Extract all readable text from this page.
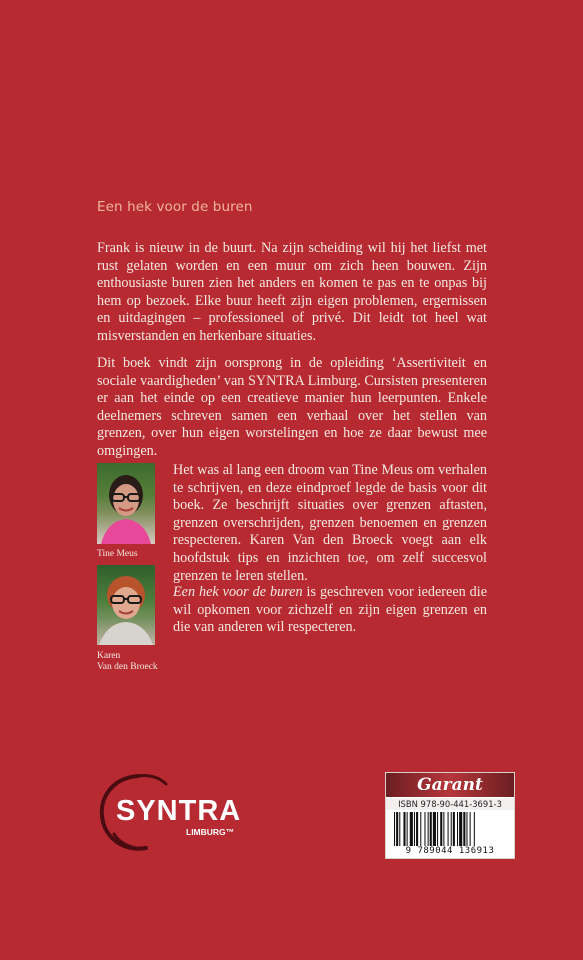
Een hek voor de buren

Frank is nieuw in de buurt. Na zijn scheiding wil hij het liefst met rust gelaten worden en een muur om zich heen bouwen. Zijn enthousiaste buren zien het anders en komen te pas en te onpas bij hem op bezoek. Elke buur heeft zijn eigen problemen, ergernissen en uitdagingen – professioneel of privé. Dit leidt tot heel wat misverstanden en herkenbare situaties.

Dit boek vindt zijn oorsprong in de opleiding ‘Assertiviteit en sociale vaardigheden’ van SYNTRA Limburg. Cursisten presenteren er aan het einde op een creatieve manier hun leerpunten. Enkele deelnemers schreven samen een verhaal over het stellen van grenzen, over hun eigen worstelingen en hoe ze daar bewust mee omgingen.

Tine Meus
Karen
Van den Broeck

Het was al lang een droom van Tine Meus om verhalen te schrijven, en deze eindproef legde de basis voor dit boek. Ze beschrijft situaties over grenzen aftasten, grenzen overschrijden, grenzen benoemen en grenzen respecteren. Karen Van den Broeck voegt aan elk hoofdstuk tips en inzichten toe, om zelf succesvol grenzen te leren stellen.

Een hek voor de buren is geschreven voor iedereen die wil opkomen voor zichzelf en zijn eigen grenzen en die van anderen wil respecteren.

SYNTRA
LIMBURG™
Garant
ISBN 978-90-441-3691-3
9 789044 136913
